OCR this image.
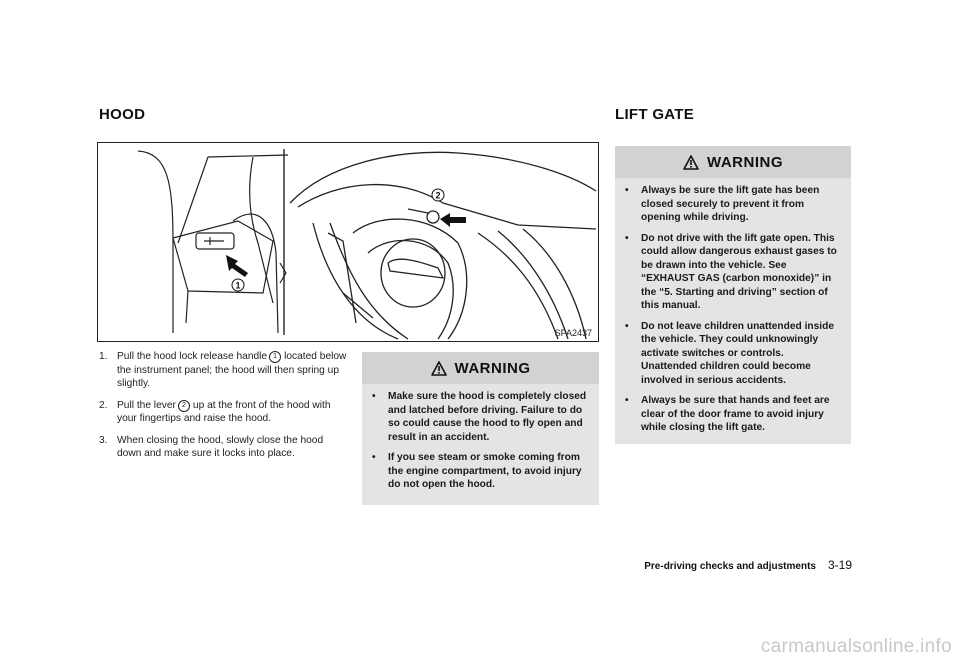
HOOD	LIFT GATE
1
2
SPA2437
1. Pull the hood lock release handle 1 located below the instrument panel; the hood will then spring up slightly.
2. Pull the lever 2 up at the front of the hood with your fingertips and raise the hood.
3. When closing the hood, slowly close the hood down and make sure it locks into place.
WARNING
• Make sure the hood is completely closed and latched before driving. Failure to do so could cause the hood to fly open and result in an accident.
• If you see steam or smoke coming from the engine compartment, to avoid injury do not open the hood.
WARNING
• Always be sure the lift gate has been closed securely to prevent it from opening while driving.
• Do not drive with the lift gate open. This could allow dangerous exhaust gases to be drawn into the vehicle. See “EXHAUST GAS (carbon monoxide)” in the “5. Starting and driving” section of this manual.
• Do not leave children unattended inside the vehicle. They could unknowingly activate switches or controls. Unattended children could become involved in serious accidents.
• Always be sure that hands and feet are clear of the door frame to avoid injury while closing the lift gate.
Pre-driving checks and adjustments 3-19
carmanualsonline.info
